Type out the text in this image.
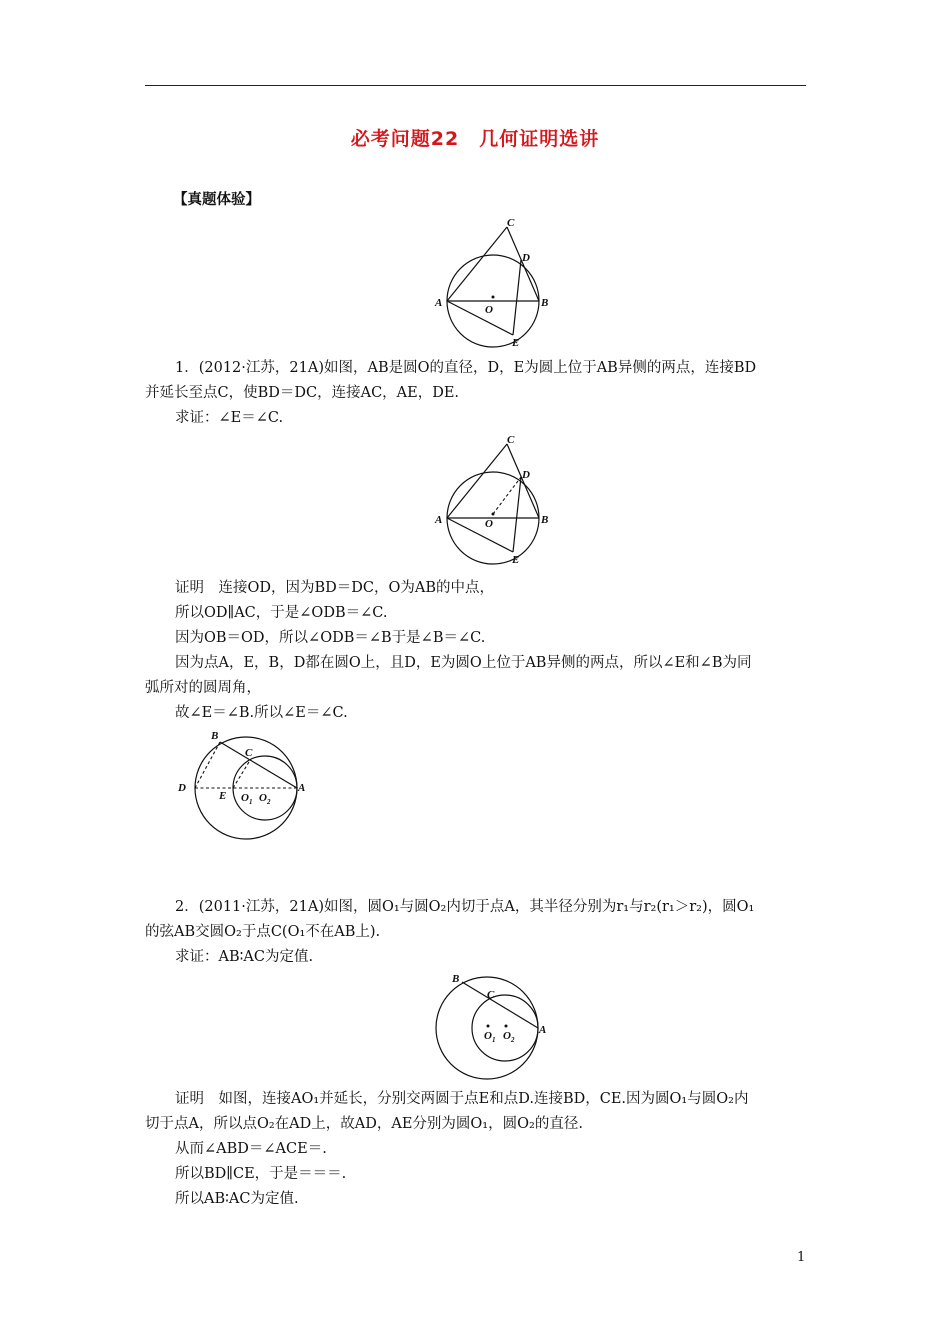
必考问题22　几何证明选讲
【真题体验】
C
D
A	B
O
E
1．(2012·江苏，21A)如图，AB是圆O的直径，D，E为圆上位于AB异侧的两点，连接BD
并延长至点C，使BD＝DC，连接AC，AE，DE.
求证：∠E＝∠C.
C
D
A	B
O
E
证明　连接OD，因为BD＝DC，O为AB的中点，
所以OD∥AC，于是∠ODB＝∠C.
因为OB＝OD，所以∠ODB＝∠B于是∠B＝∠C.
因为点A，E，B，D都在圆O上，且D，E为圆O上位于AB异侧的两点，所以∠E和∠B为同
弧所对的圆周角，
故∠E＝∠B.所以∠E＝∠C.
B
C
D	A
E $O_1$ $O_2$
2．(2011·江苏，21A)如图，圆O₁与圆O₂内切于点A，其半径分别为r₁与r₂(r₁＞r₂)，圆O₁
的弦AB交圆O₂于点C(O₁不在AB上).
求证：AB∶AC为定值.
B
C
A
$O_1$ $O_2$
证明　如图，连接AO₁并延长，分别交两圆于点E和点D.连接BD，CE.因为圆O₁与圆O₂内
切于点A，所以点O₂在AD上，故AD，AE分别为圆O₁，圆O₂的直径.
从而∠ABD＝∠ACE＝.
所以BD∥CE，于是＝＝＝.
所以AB∶AC为定值.
1
